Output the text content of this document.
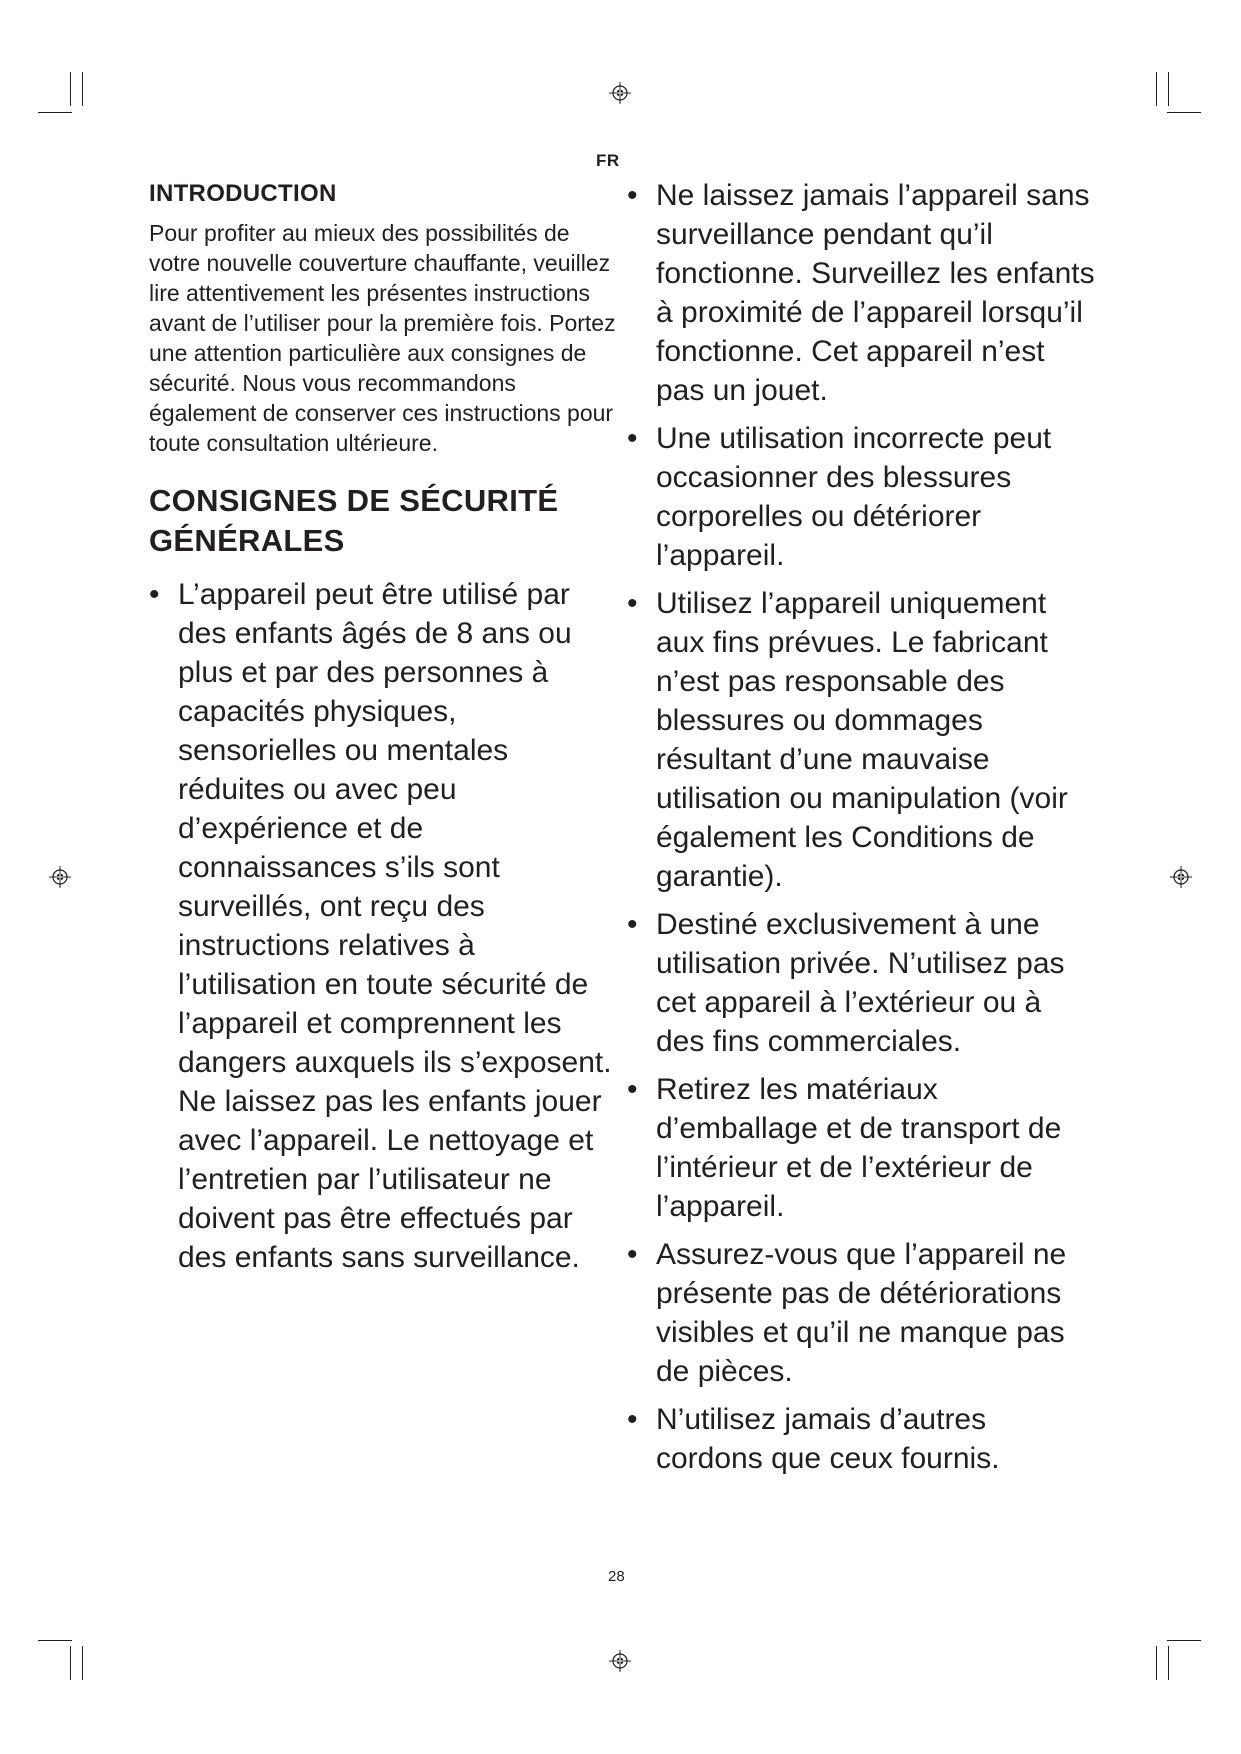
FR
INTRODUCTION

Pour profiter au mieux des possibilités de votre nouvelle couverture chauffante, veuillez lire attentivement les présentes instructions avant de l’utiliser pour la première fois. Portez une attention particulière aux consignes de sécurité. Nous vous recommandons également de conserver ces instructions pour toute consultation ultérieure.

CONSIGNES DE SÉCURITÉ GÉNÉRALES
• L’appareil peut être utilisé par des enfants âgés de 8 ans ou plus et par des personnes à capacités physiques, sensorielles ou mentales réduites ou avec peu d’expérience et de connaissances s’ils sont surveillés, ont reçu des instructions relatives à l’utilisation en toute sécurité de l’appareil et comprennent les dangers auxquels ils s’exposent. Ne laissez pas les enfants jouer avec l’appareil. Le nettoyage et l’entretien par l’utilisateur ne doivent pas être effectués par des enfants sans surveillance.
• Ne laissez jamais l’appareil sans surveillance pendant qu’il fonctionne. Surveillez les enfants à proximité de l’appareil lorsqu’il fonctionne. Cet appareil n’est pas un jouet.
• Une utilisation incorrecte peut occasionner des blessures corporelles ou détériorer l’appareil.
• Utilisez l’appareil uniquement aux fins prévues. Le fabricant n’est pas responsable des blessures ou dommages résultant d’une mauvaise utilisation ou manipulation (voir également les Conditions de garantie).
• Destiné exclusivement à une utilisation privée. N’utilisez pas cet appareil à l’extérieur ou à des fins commerciales.
• Retirez les matériaux d’emballage et de transport de l’intérieur et de l’extérieur de l’appareil.
• Assurez-vous que l’appareil ne présente pas de détériorations visibles et qu’il ne manque pas de pièces.
• N’utilisez jamais d’autres cordons que ceux fournis.
28
